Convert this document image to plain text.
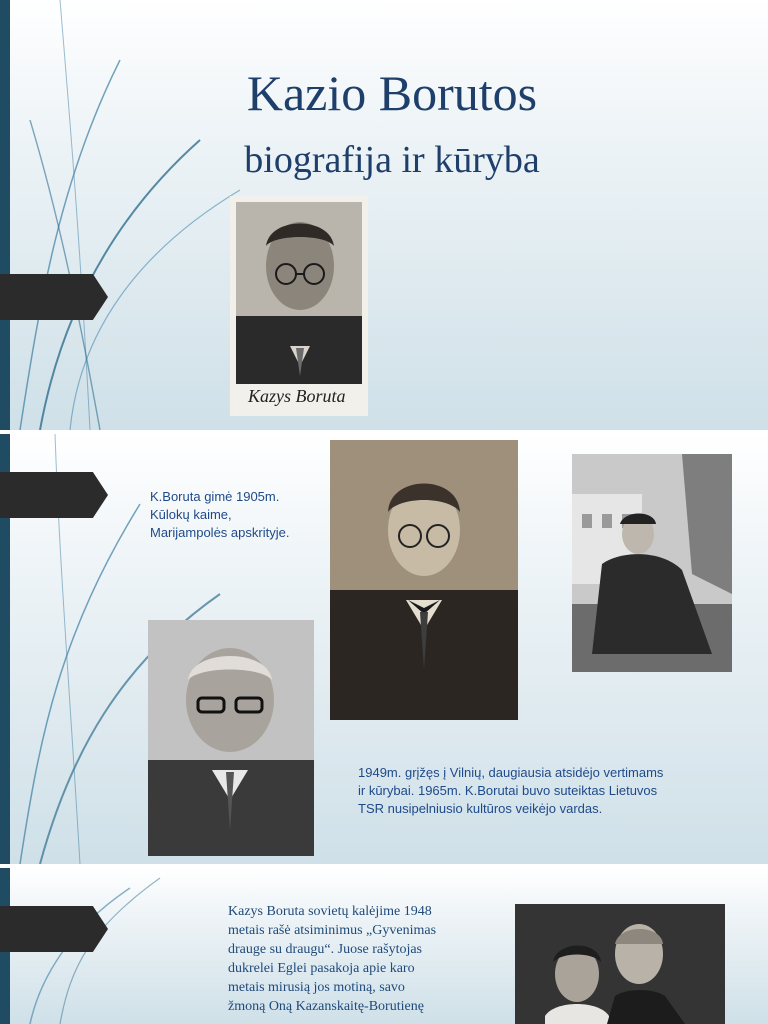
Kazio Borutos
biografija ir kūryba
Kazys Boruta

K.Boruta gimė 1905m.

Kūlokų kaime,

Marijampolės apskrityje.

1949m. grįžęs į Vilnių, daugiausia atsidėjo vertimams

ir kūrybai. 1965m. K.Borutai buvo suteiktas Lietuvos

TSR nusipelniusio kultūros veikėjo vardas.

Kazys Boruta sovietų kalėjime 1948

metais rašė atsiminimus „Gyvenimas

drauge su draugu“. Juose rašytojas

dukrelei Eglei pasakoja apie karo

metais mirusią jos motiną, savo

žmoną Oną Kazanskaitę-Borutienę
